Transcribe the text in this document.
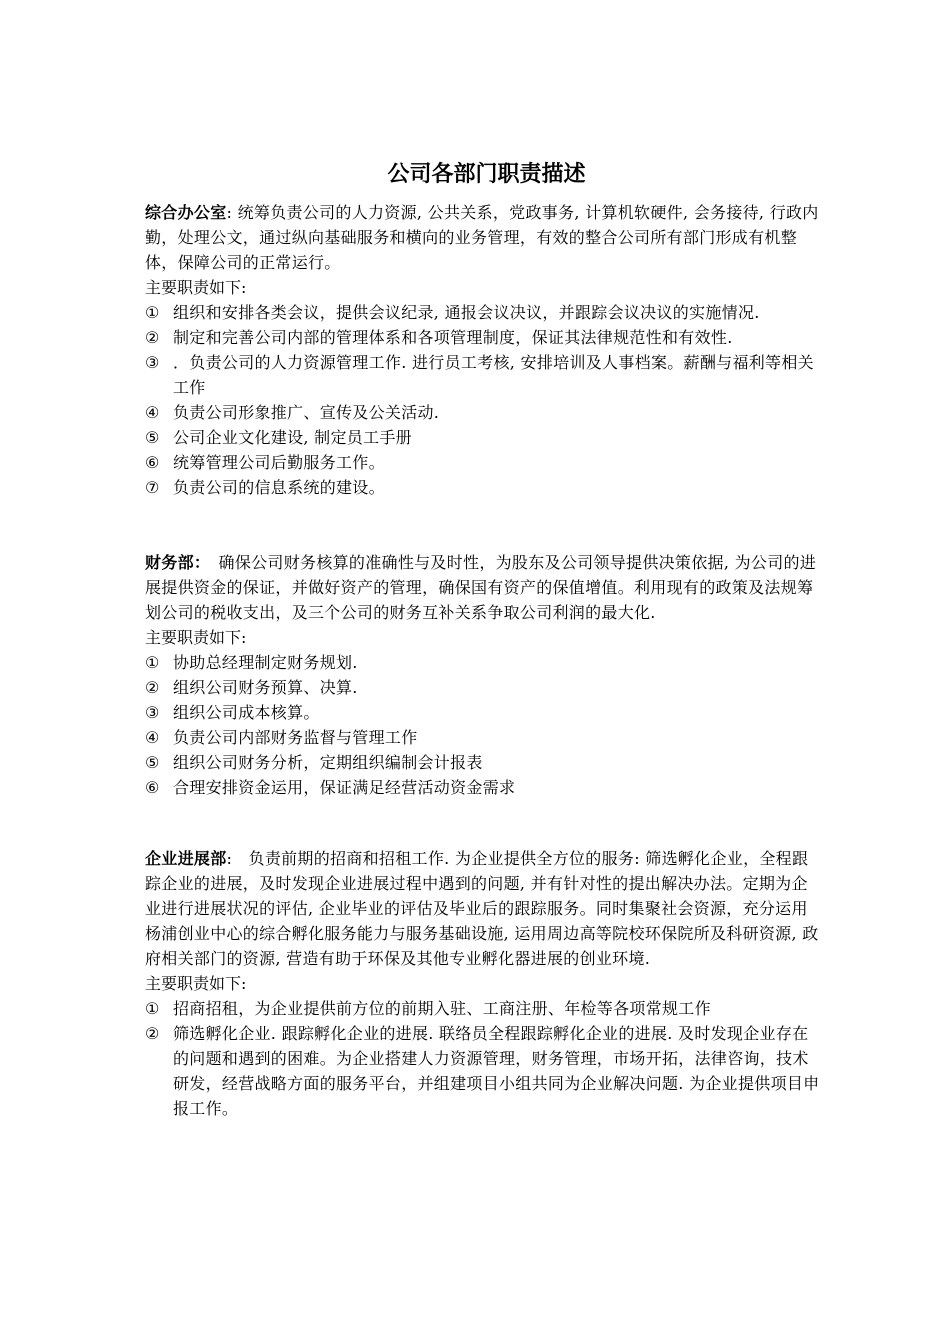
公司各部门职责描述

综合办公室: 统筹负责公司的人力资源, 公共关系，党政事务, 计算机软硬件, 会务接待, 行政内勤，处理公文，通过纵向基础服务和横向的业务管理，有效的整合公司所有部门形成有机整体，保障公司的正常运行。

主要职责如下:

① 组织和安排各类会议，提供会议纪录, 通报会议决议，并跟踪会议决议的实施情况.
② 制定和完善公司内部的管理体系和各项管理制度，保证其法律规范性和有效性.
③ ．负责公司的人力资源管理工作. 进行员工考核, 安排培训及人事档案。薪酬与福利等相关工作
④ 负责公司形象推广、宣传及公关活动.
⑤ 公司企业文化建设, 制定员工手册
⑥ 统筹管理公司后勤服务工作。
⑦ 负责公司的信息系统的建设。

财务部：　确保公司财务核算的准确性与及时性，为股东及公司领导提供决策依据, 为公司的进展提供资金的保证，并做好资产的管理，确保国有资产的保值增值。利用现有的政策及法规筹划公司的税收支出，及三个公司的财务互补关系争取公司利润的最大化.

主要职责如下:

① 协助总经理制定财务规划.
② 组织公司财务预算、决算.
③ 组织公司成本核算。
④ 负责公司内部财务监督与管理工作
⑤ 组织公司财务分析，定期组织编制会计报表
⑥ 合理安排资金运用，保证满足经营活动资金需求

企业进展部:　负责前期的招商和招租工作. 为企业提供全方位的服务: 筛选孵化企业，全程跟踪企业的进展，及时发现企业进展过程中遇到的问题, 并有针对性的提出解决办法。定期为企业进行进展状况的评估, 企业毕业的评估及毕业后的跟踪服务。同时集聚社会资源，充分运用杨浦创业中心的综合孵化服务能力与服务基础设施, 运用周边高等院校环保院所及科研资源, 政府相关部门的资源, 营造有助于环保及其他专业孵化器进展的创业环境.

主要职责如下:

① 招商招租，为企业提供前方位的前期入驻、工商注册、年检等各项常规工作
② 筛选孵化企业. 跟踪孵化企业的进展. 联络员全程跟踪孵化企业的进展. 及时发现企业存在的问题和遇到的困难。为企业搭建人力资源管理，财务管理，市场开拓，法律咨询，技术研发，经营战略方面的服务平台，并组建项目小组共同为企业解决问题. 为企业提供项目申报工作。
